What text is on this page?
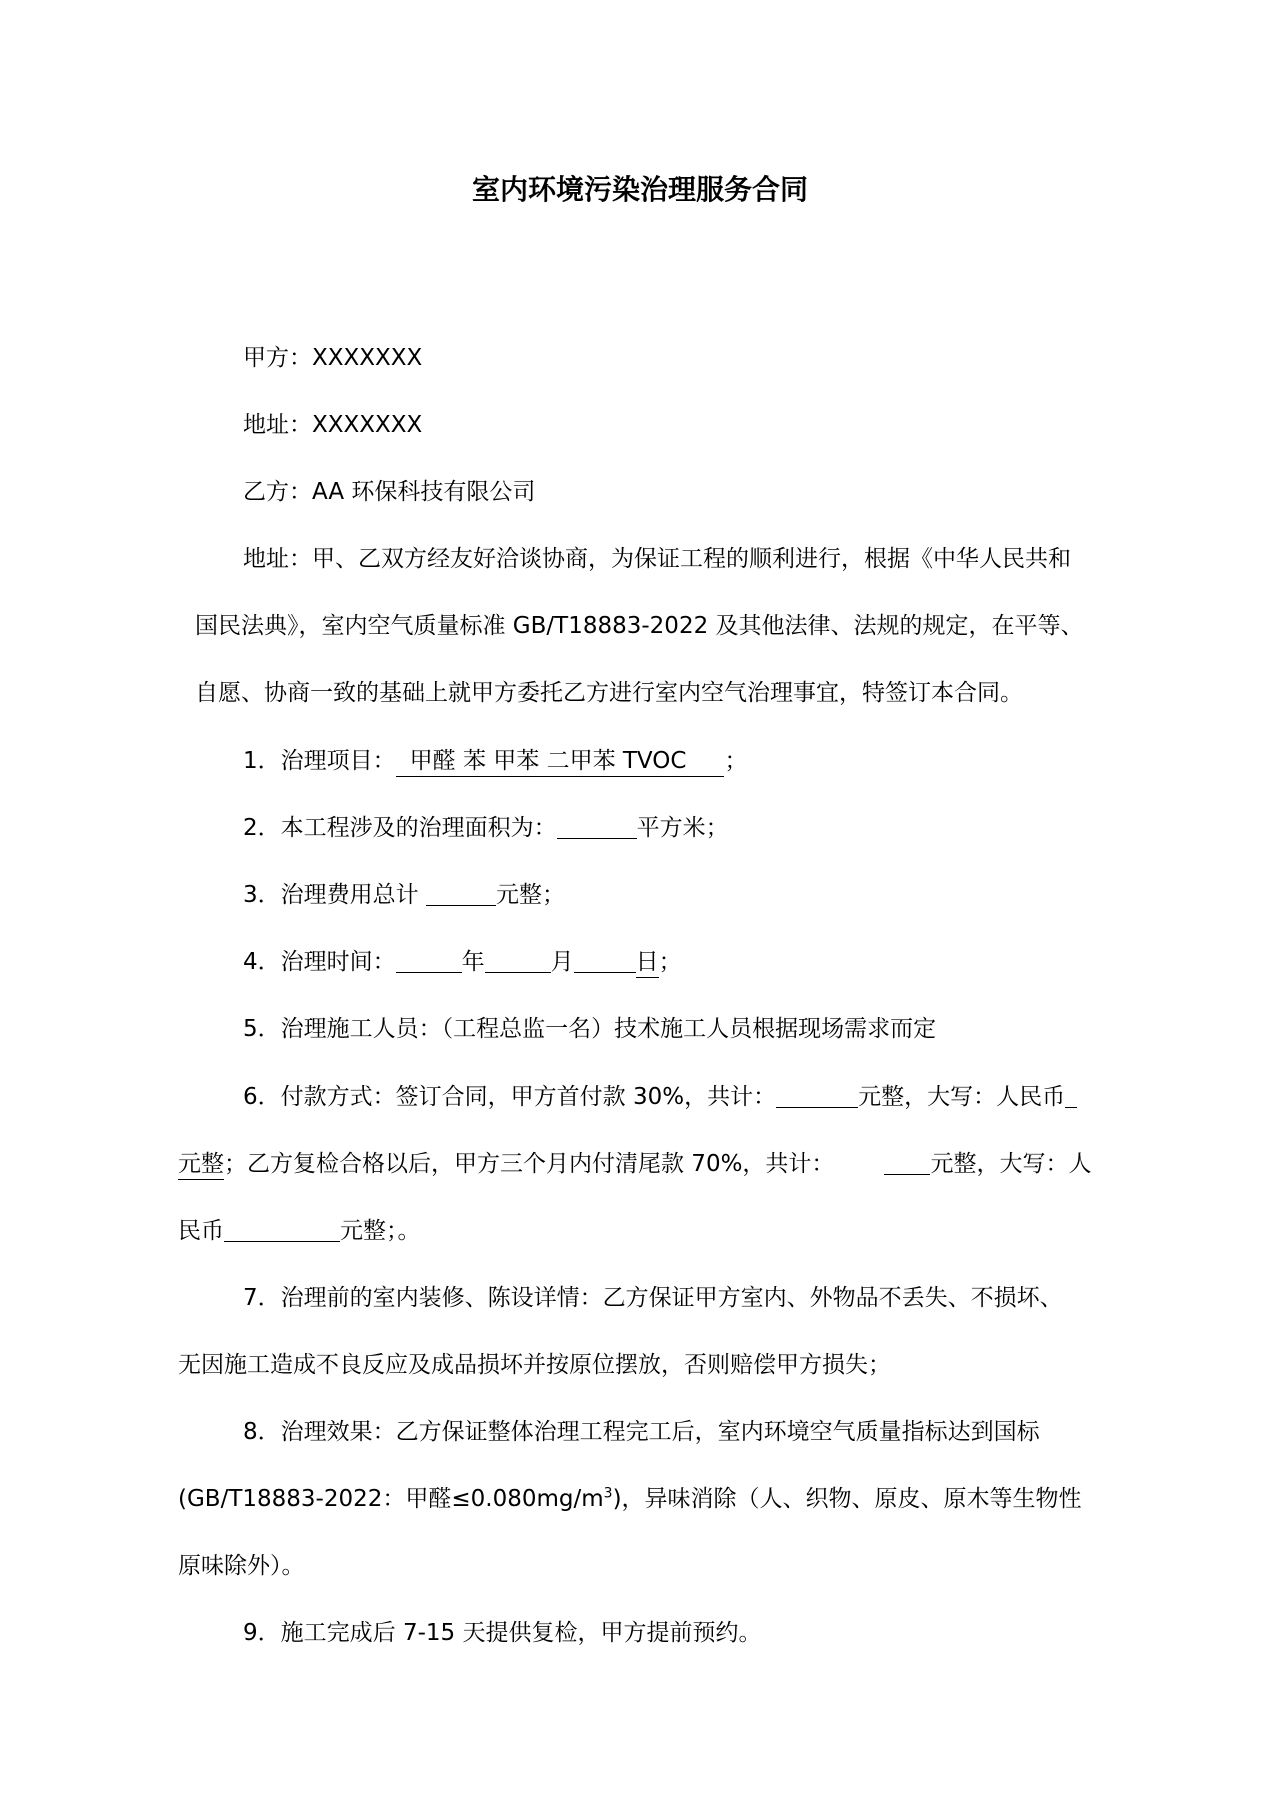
室内环境污染治理服务合同
甲方：XXXXXXX
地址：XXXXXXX
乙方：AA 环保科技有限公司
地址：甲、乙双方经友好洽谈协商，为保证工程的顺利进行，根据《中华人民共和
国民法典》，室内空气质量标准 GB/T18883-2022 及其他法律、法规的规定，在平等、
自愿、协商一致的基础上就甲方委托乙方进行室内空气治理事宜，特签订本合同。
1．治理项目： 甲醛 苯 甲苯 二甲苯 TVOC ；
2．本工程涉及的治理面积为：	平方米；
3．治理费用总计	元整；
4．治理时间：	年	月	日；
5．治理施工人员：（工程总监一名）技术施工人员根据现场需求而定
6．付款方式：签订合同，甲方首付款 30%，共计：	元整，大写：人民币
元整；乙方复检合格以后，甲方三个月内付清尾款 70%，共计：	元整，大写：人
民币	元整；。
7．治理前的室内装修、陈设详情：乙方保证甲方室内、外物品不丢失、不损坏、
无因施工造成不良反应及成品损坏并按原位摆放，否则赔偿甲方损失；
8．治理效果：乙方保证整体治理工程完工后，室内环境空气质量指标达到国标
(GB/T18883-2022：甲醛$\le 0.080mg/m^3$)，异味消除（人、织物、原皮、原木等生物性
原味除外）。
9．施工完成后 7-15 天提供复检，甲方提前预约。
